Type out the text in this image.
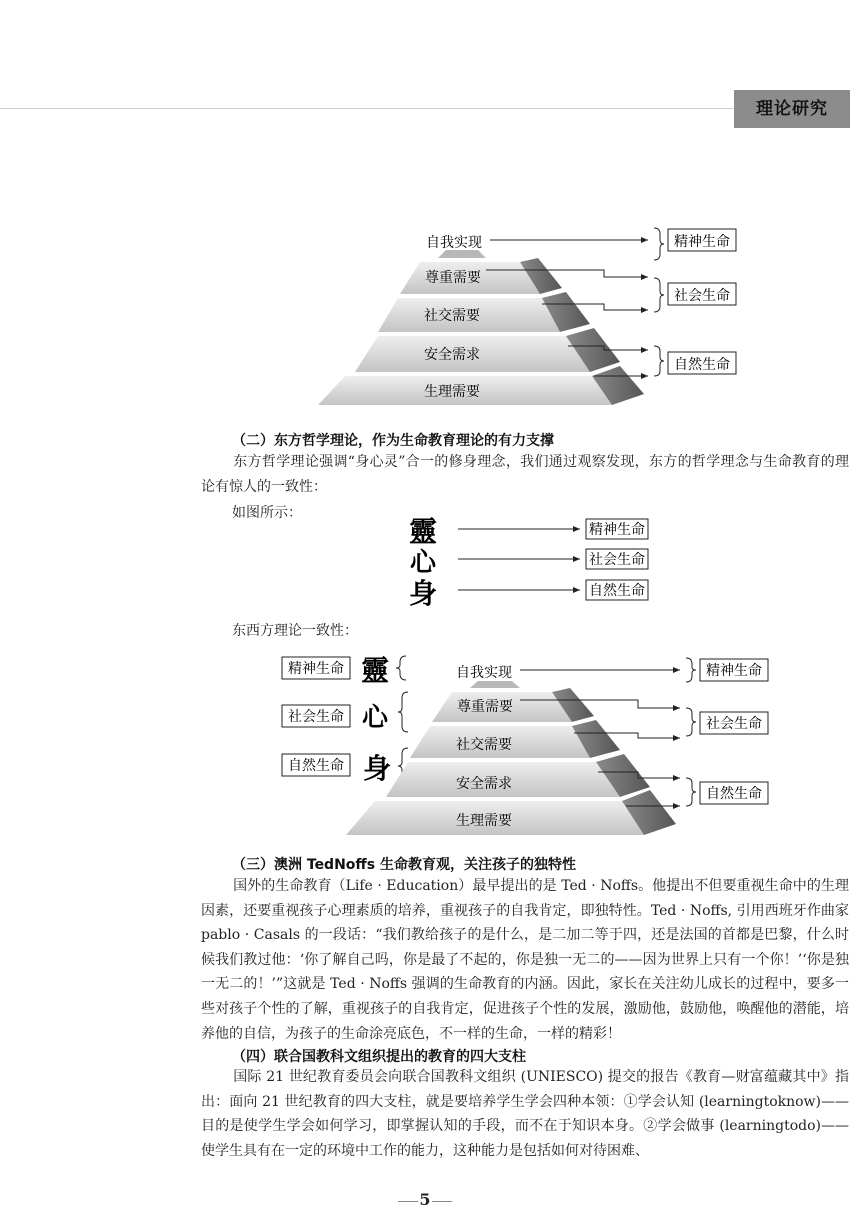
理论研究
自我实现
尊重需要
社交需要
安全需求
生理需要
精神生命
社会生命
自然生命
靈
心
身
精神生命
社会生命
自然生命
精神生命
社会生命
自然生命
靈
心
身
自我实现
尊重需要
社交需要
安全需求
生理需要
精神生命
社会生命
自然生命
（二）东方哲学理论，作为生命教育理论的有力支撑

东方哲学理论强调“身心灵”合一的修身理念，我们通过观察发现，东方的哲学理念与生命教育的理论有惊人的一致性：

如图所示：
东西方理论一致性：
（三）澳洲 TedNoffs 生命教育观，关注孩子的独特性

国外的生命教育（Life · Education）最早提出的是 Ted · Noffs。他提出不但要重视生命中的生理因素，还要重视孩子心理素质的培养，重视孩子的自我肯定，即独特性。Ted · Noffs, 引用西班牙作曲家 pablo · Casals 的一段话：“我们教给孩子的是什么，是二加二等于四，还是法国的首都是巴黎，什么时候我们教过他：‘你了解自己吗，你是最了不起的，你是独一无二的——因为世界上只有一个你！’‘你是独一无二的！’”这就是 Ted · Noffs 强调的生命教育的内涵。因此，家长在关注幼儿成长的过程中，要多一些对孩子个性的了解，重视孩子的自我肯定，促进孩子个性的发展，激励他，鼓励他，唤醒他的潜能，培养他的自信，为孩子的生命涂亮底色，不一样的生命，一样的精彩！

（四）联合国教科文组织提出的教育的四大支柱

国际 21 世纪教育委员会向联合国教科文组织 (UNIESCO) 提交的报告《教育—财富蕴藏其中》指出：面向 21 世纪教育的四大支柱，就是要培养学生学会四种本领：①学会认知 (learningtoknow)——目的是使学生学会如何学习，即掌握认知的手段，而不在于知识本身。②学会做事 (learningtodo)——使学生具有在一定的环境中工作的能力，这种能力是包括如何对待困难、

5
